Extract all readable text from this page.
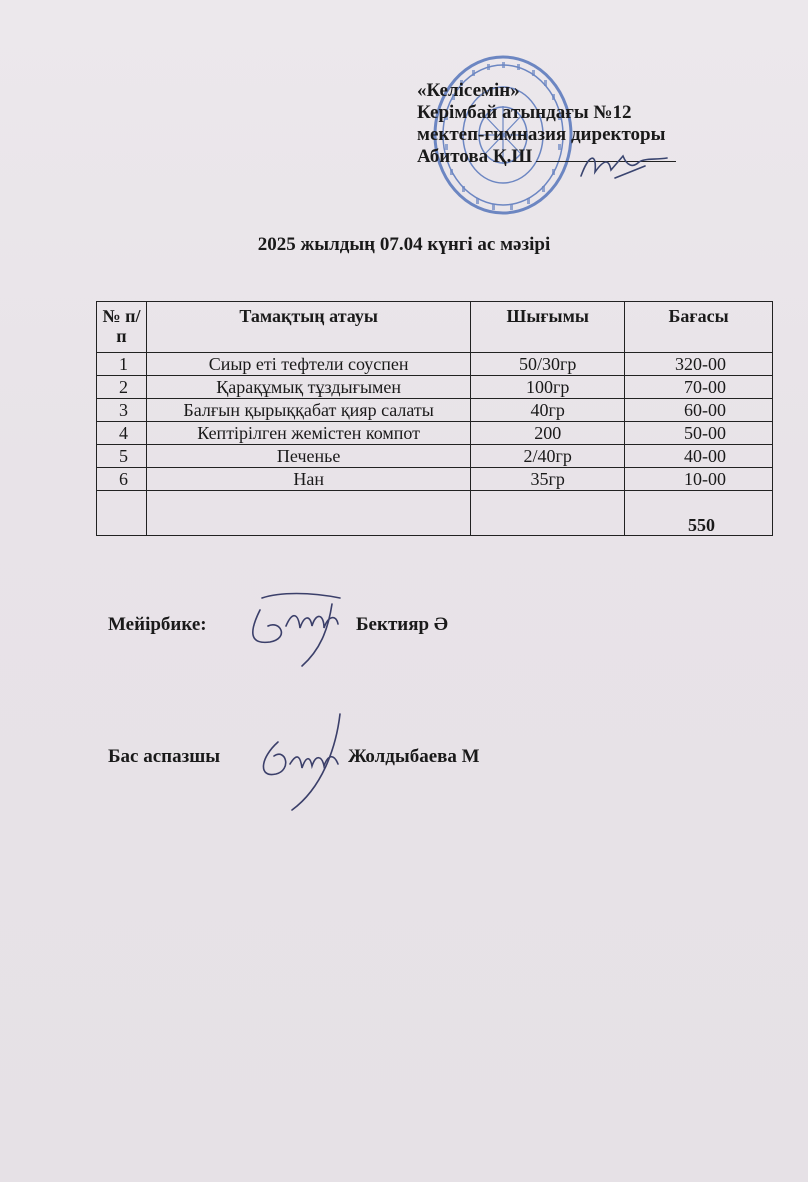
«Келісемін»
Керімбай атындағы №12
мектеп-гимназия директоры
Абитова Қ.Ш
2025 жылдың 07.04 күнгі ас мәзірі
№ п/п	Тамақтың атауы	Шығымы	Бағасы
1	Сиыр еті тефтели соуспен	50/30гр	320-00
2	Қарақұмық тұздығымен	100гр	70-00
3	Балғын қырыққабат қияр салаты	40гр	60-00
4	Кептірілген жемістен компот	200	50-00
5	Печенье	2/40гр	40-00
6	Нан	35гр	10-00
			550
Мейірбике:	Бектияр Ә
Бас аспазшы	Жолдыбаева М
